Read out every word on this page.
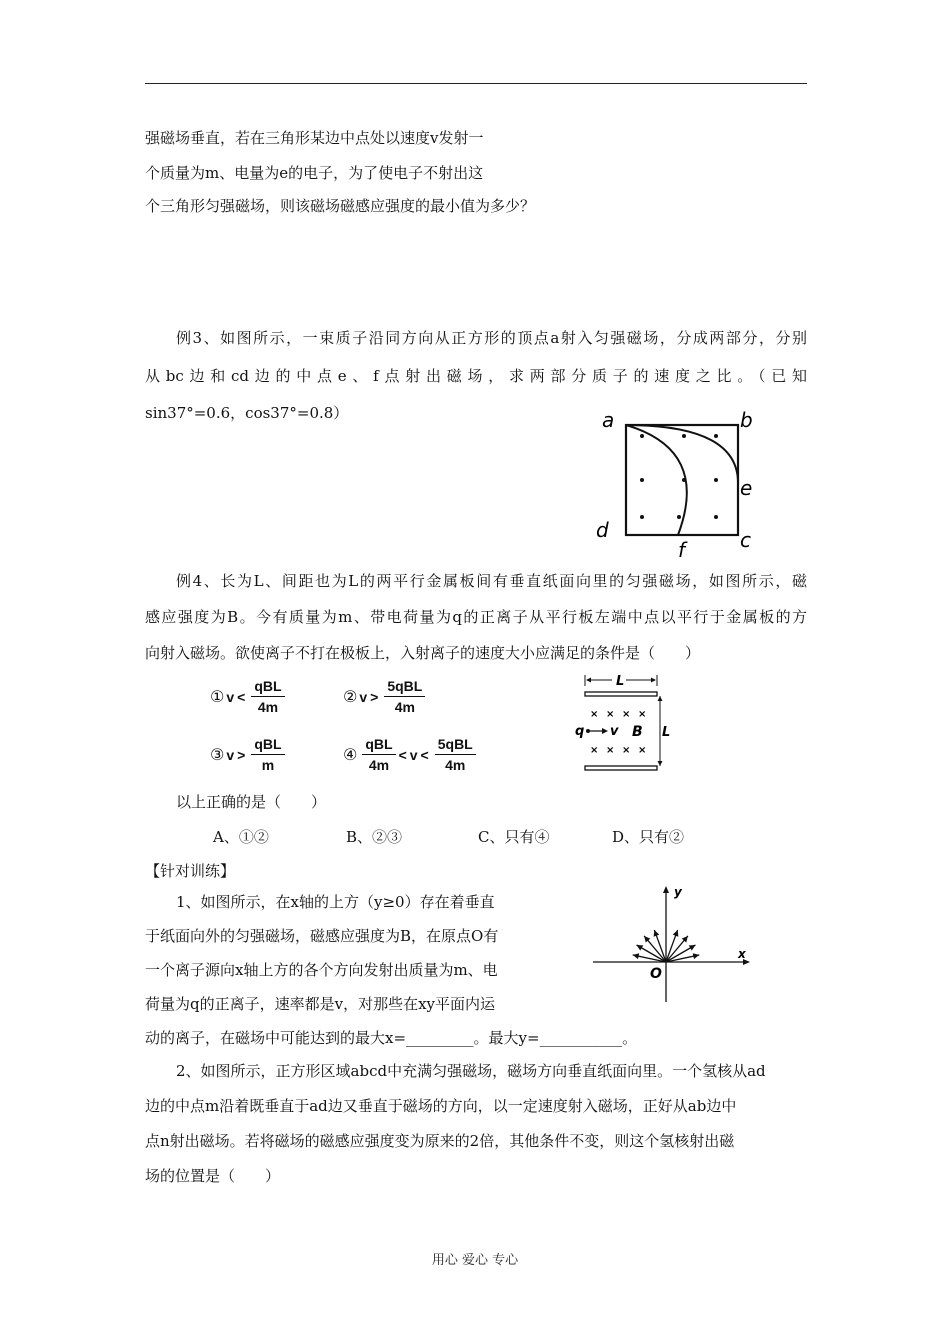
强磁场垂直，若在三角形某边中点处以速度v发射一
个质量为m、电量为e的电子，为了使电子不射出这
个三角形匀强磁场，则该磁场磁感应强度的最小值为多少？
例3、如图所示，一束质子沿同方向从正方形的顶点a射入匀强磁场，分成两部分，分别
从bc边和cd边的中点e、f点射出磁场，求两部分质子的速度之比。（已知
sin37°=0.6，cos37°=0.8）	a	b
c
d
e
f
例4、长为L、间距也为L的两平行金属板间有垂直纸面向里的匀强磁场，如图所示，磁
感应强度为B。今有质量为m、带电荷量为q的正离子从平行板左端中点以平行于金属板的方
向射入磁场。欲使离子不打在极板上，入射离子的速度大小应满足的条件是（　　）
① v <
qBL
4m
② v >
5qBL
4m
③ v >
qBL
m
④
qBL
4m
< v <
5qBL
4m
L
L
× × × ×
× × × ×
q v B
以上正确的是（　　）
A、①②	B、②③	C、只有④	D、只有②
【针对训练】
1、如图所示，在x轴的上方（y≥0）存在着垂直
于纸面向外的匀强磁场，磁感应强度为B，在原点O有
一个离子源向x轴上方的各个方向发射出质量为m、电
荷量为q的正离子，速率都是v，对那些在xy平面内运
动的离子，在磁场中可能达到的最大x=_________。最大y=___________。
y
x
O
2、如图所示，正方形区域abcd中充满匀强磁场，磁场方向垂直纸面向里。一个氢核从ad
边的中点m沿着既垂直于ad边又垂直于磁场的方向，以一定速度射入磁场，正好从ab边中
点n射出磁场。若将磁场的磁感应强度变为原来的2倍，其他条件不变，则这个氢核射出磁
场的位置是（　　）
用心 爱心 专心
